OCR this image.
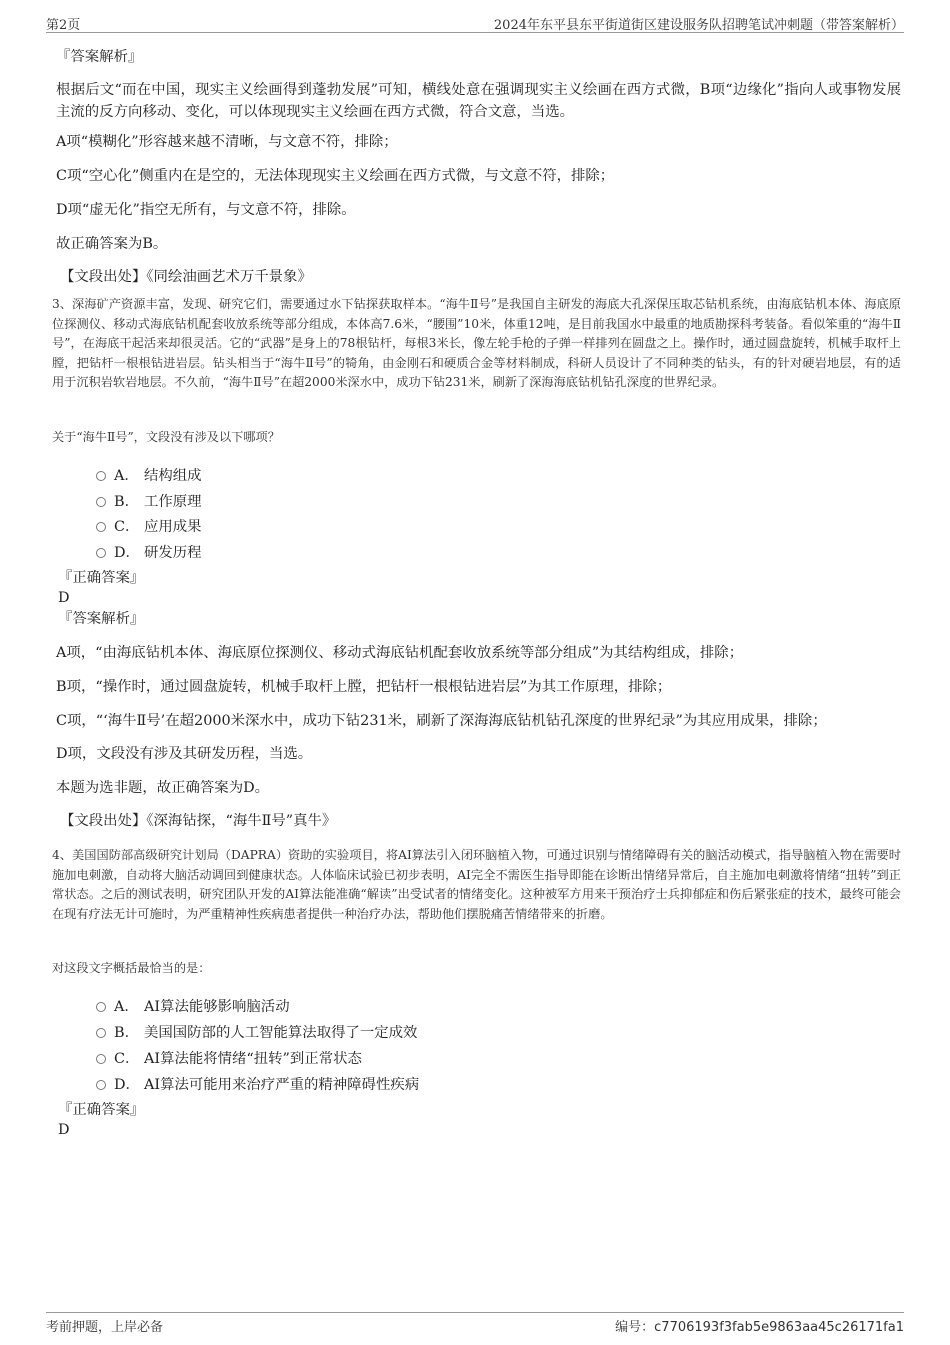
第2页	2024年东平县东平街道街区建设服务队招聘笔试冲刺题（带答案解析）
『答案解析』
根据后文“而在中国，现实主义绘画得到蓬勃发展”可知，横线处意在强调现实主义绘画在西方式微，B项“边缘化”指向人或事物发展主流的反方向移动、变化，可以体现现实主义绘画在西方式微，符合文意，当选。
A项“模糊化”形容越来越不清晰，与文意不符，排除；
C项“空心化”侧重内在是空的，无法体现现实主义绘画在西方式微，与文意不符，排除；
D项“虚无化”指空无所有，与文意不符，排除。
故正确答案为B。
【文段出处】《同绘油画艺术万千景象》
3、深海矿产资源丰富，发现、研究它们，需要通过水下钻探获取样本。“海牛Ⅱ号”是我国自主研发的海底大孔深保压取芯钻机系统，由海底钻机本体、海底原位探测仪、移动式海底钻机配套收放系统等部分组成，本体高7.6米，“腰围”10米，体重12吨，是目前我国水中最重的地质勘探科考装备。看似笨重的“海牛Ⅱ号”，在海底干起活来却很灵活。它的“武器”是身上的78根钻杆，每根3米长，像左轮手枪的子弹一样排列在圆盘之上。操作时，通过圆盘旋转，机械手取杆上膛，把钻杆一根根钻进岩层。钻头相当于“海牛Ⅱ号”的犄角，由金刚石和硬质合金等材料制成，科研人员设计了不同种类的钻头，有的针对硬岩地层，有的适用于沉积岩软岩地层。不久前，“海牛Ⅱ号”在超2000米深水中，成功下钻231米，刷新了深海海底钻机钻孔深度的世界纪录。
关于“海牛Ⅱ号”，文段没有涉及以下哪项？
A． 结构组成
B． 工作原理
C． 应用成果
D． 研发历程
『正确答案』
D
『答案解析』
A项，“由海底钻机本体、海底原位探测仪、移动式海底钻机配套收放系统等部分组成”为其结构组成，排除；
B项，“操作时，通过圆盘旋转，机械手取杆上膛，把钻杆一根根钻进岩层”为其工作原理，排除；
C项，“‘海牛Ⅱ号’在超2000米深水中，成功下钻231米，刷新了深海海底钻机钻孔深度的世界纪录”为其应用成果，排除；
D项，文段没有涉及其研发历程，当选。
本题为选非题，故正确答案为D。
【文段出处】《深海钻探，“海牛Ⅱ号”真牛》
4、美国国防部高级研究计划局（DAPRA）资助的实验项目，将AI算法引入闭环脑植入物，可通过识别与情绪障碍有关的脑活动模式，指导脑植入物在需要时施加电刺激，自动将大脑活动调回到健康状态。人体临床试验已初步表明，AI完全不需医生指导即能在诊断出情绪异常后，自主施加电刺激将情绪“扭转”到正常状态。之后的测试表明，研究团队开发的AI算法能准确“解读”出受试者的情绪变化。这种被军方用来干预治疗士兵抑郁症和伤后紧张症的技术，最终可能会在现有疗法无计可施时，为严重精神性疾病患者提供一种治疗办法，帮助他们摆脱痛苦情绪带来的折磨。
对这段文字概括最恰当的是：
A． AI算法能够影响脑活动
B． 美国国防部的人工智能算法取得了一定成效
C． AI算法能将情绪“扭转”到正常状态
D． AI算法可能用来治疗严重的精神障碍性疾病
『正确答案』
D
考前押题，上岸必备	编号：c7706193f3fab5e9863aa45c26171fa1
